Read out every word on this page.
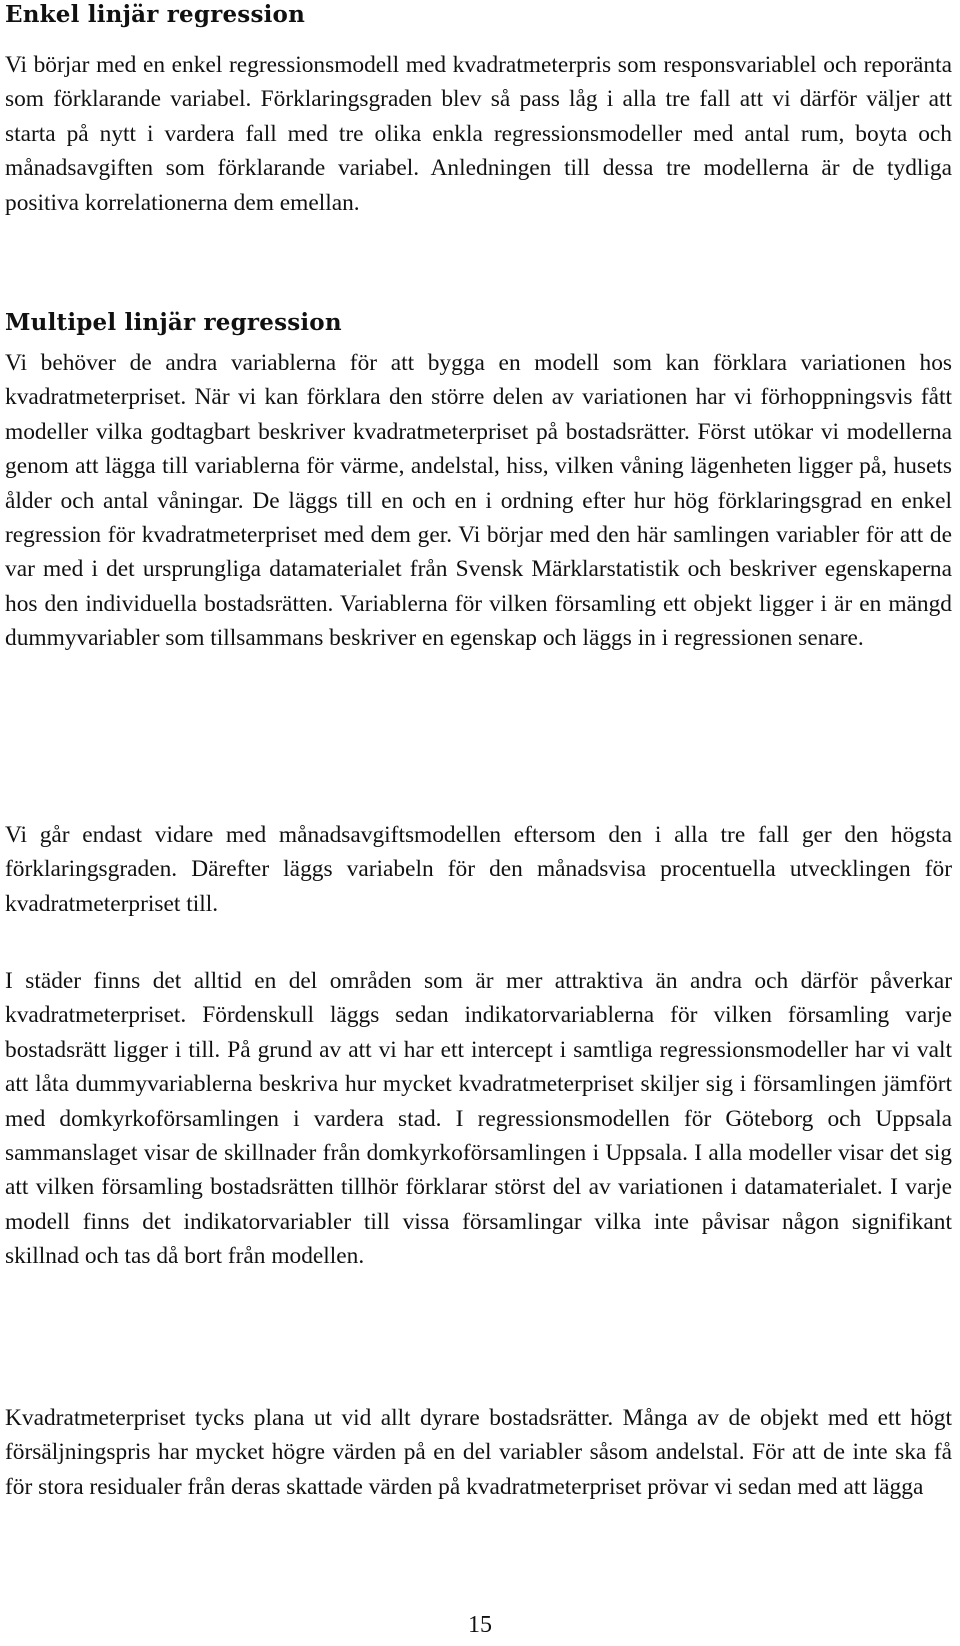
Enkel linjär regression

Vi börjar med en enkel regressionsmodell med kvadratmeterpris som responsvariablel och reporänta som förklarande variabel. Förklaringsgraden blev så pass låg i alla tre fall att vi därför väljer att starta på nytt i vardera fall med tre olika enkla regressionsmodeller med antal rum, boyta och månadsavgiften som förklarande variabel. Anledningen till dessa tre modellerna är de tydliga positiva korrelationerna dem emellan.

Multipel linjär regression

Vi behöver de andra variablerna för att bygga en modell som kan förklara variationen hos kvadratmeterpriset. När vi kan förklara den större delen av variationen har vi förhoppningsvis fått modeller vilka godtagbart beskriver kvadratmeterpriset på bostadsrätter. Först utökar vi modellerna genom att lägga till variablerna för värme, andelstal, hiss, vilken våning lägenheten ligger på, husets ålder och antal våningar. De läggs till en och en i ordning efter hur hög förklaringsgrad en enkel regression för kvadratmeterpriset med dem ger. Vi börjar med den här samlingen variabler för att de var med i det ursprungliga datamaterialet från Svensk Märklarstatistik och beskriver egenskaperna hos den individuella bostadsrätten. Variablerna för vilken församling ett objekt ligger i är en mängd dummyvariabler som tillsammans beskriver en egenskap och läggs in i regressionen senare.

Vi går endast vidare med månadsavgiftsmodellen eftersom den i alla tre fall ger den högsta förklaringsgraden. Därefter läggs variabeln för den månadsvisa procentuella utvecklingen för kvadratmeterpriset till.

I städer finns det alltid en del områden som är mer attraktiva än andra och därför påverkar kvadratmeterpriset. Fördenskull läggs sedan indikatorvariablerna för vilken församling varje bostadsrätt ligger i till. På grund av att vi har ett intercept i samtliga regressionsmodeller har vi valt att låta dummyvariablerna beskriva hur mycket kvadratmeterpriset skiljer sig i församlingen jämfört med domkyrkoförsamlingen i vardera stad. I regressionsmodellen för Göteborg och Uppsala sammanslaget visar de skillnader från domkyrkoförsamlingen i Uppsala. I alla modeller visar det sig att vilken församling bostadsrätten tillhör förklarar störst del av variationen i datamaterialet. I varje modell finns det indikatorvariabler till vissa församlingar vilka inte påvisar någon signifikant skillnad och tas då bort från modellen.

Kvadratmeterpriset tycks plana ut vid allt dyrare bostadsrätter. Många av de objekt med ett högt försäljningspris har mycket högre värden på en del variabler såsom andelstal. För att de inte ska få för stora residualer från deras skattade värden på kvadratmeterpriset prövar vi sedan med att lägga

15
